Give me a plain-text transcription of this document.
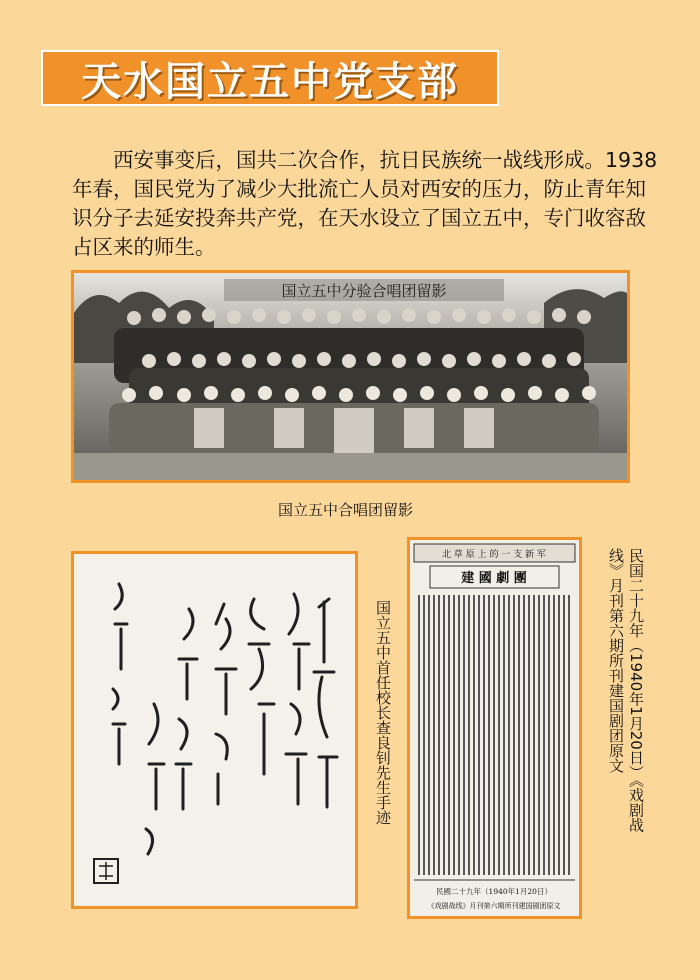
天水国立五中党支部

西安事变后，国共二次合作，抗日民族统一战线形成。1938年春，国民党为了减少大批流亡人员对西安的压力，防止青年知识分子去延安投奔共产党，在天水设立了国立五中，专门收容敌占区来的师生。

国立五中分验合唱团留影
国立五中合唱团留影
国立五中首任校长查良钊先生手迹
北 草 原 上 的 一 支 新 军
建 國 劇 團
民國二十九年（1940年1月20日）
《戏剧战线》月刊第六期所刊建国剧团原文
民国二十九年（1940年1月20日）《戏剧战线》月刊第六期所刊建国剧团原文
